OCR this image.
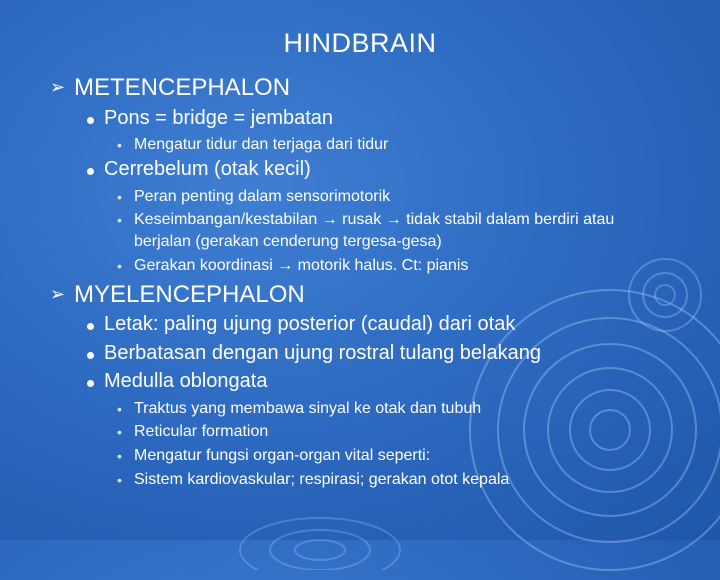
HINDBRAIN
➢ METENCEPHALON
Pons = bridge = jembatan
• Mengatur tidur dan terjaga dari tidur
Cerrebelum (otak kecil)
• Peran penting dalam sensorimotorik
• Keseimbangan/kestabilan → rusak → tidak stabil dalam berdiri atau berjalan (gerakan cenderung tergesa-gesa)
• Gerakan koordinasi → motorik halus. Ct: pianis
➢ MYELENCEPHALON
Letak: paling ujung posterior (caudal) dari otak
Berbatasan dengan ujung rostral tulang belakang
Medulla oblongata
• Traktus yang membawa sinyal ke otak dan tubuh
• Reticular formation
• Mengatur fungsi organ-organ vital seperti:
• Sistem kardiovaskular; respirasi; gerakan otot kepala
